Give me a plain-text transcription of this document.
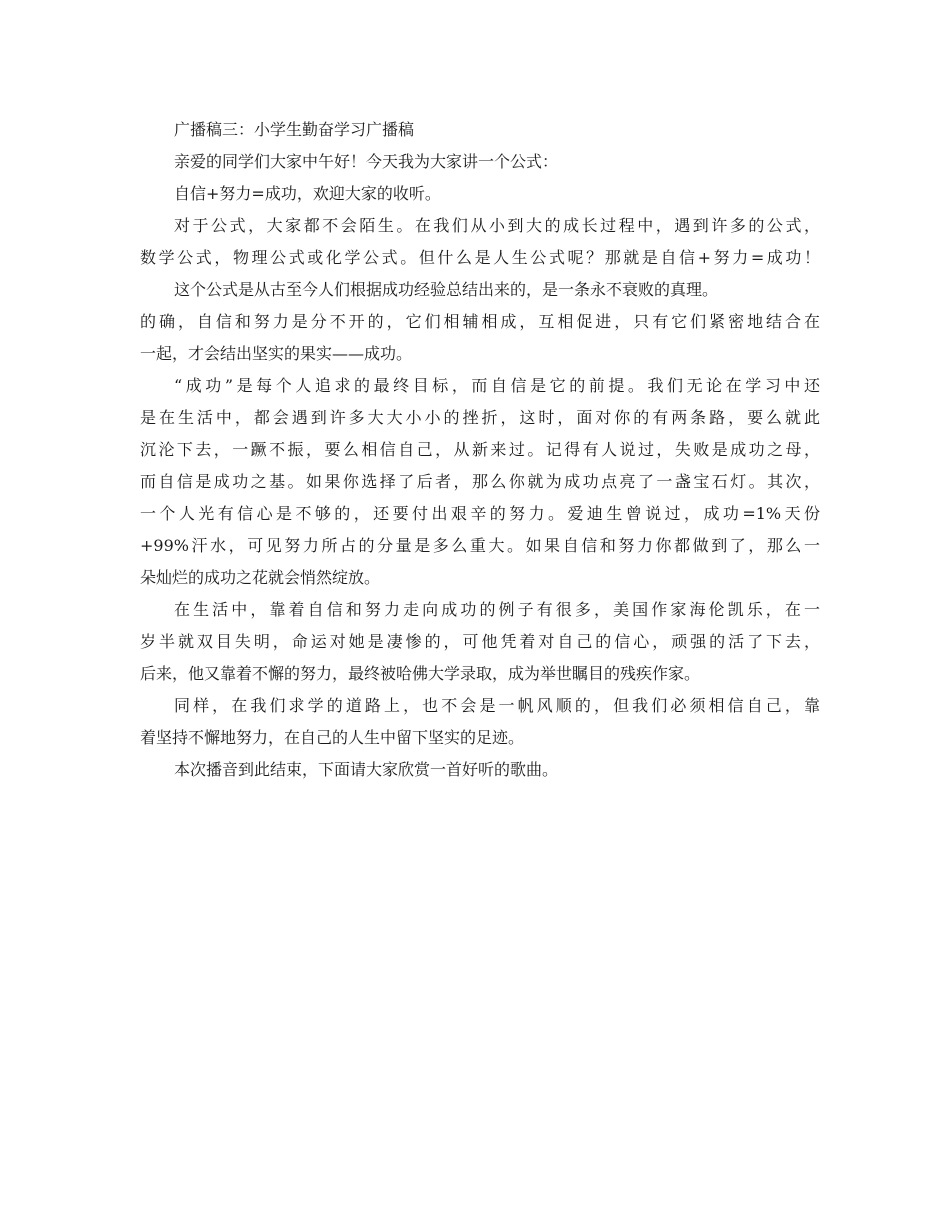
广播稿三：小学生勤奋学习广播稿
亲爱的同学们大家中午好！今天我为大家讲一个公式：
自信+努力=成功，欢迎大家的收听。
对于公式，大家都不会陌生。在我们从小到大的成长过程中，遇到许多的公式，
数学公式，物理公式或化学公式。但什么是人生公式呢？那就是自信+努力=成功！
这个公式是从古至今人们根据成功经验总结出来的，是一条永不衰败的真理。
的确，自信和努力是分不开的，它们相辅相成，互相促进，只有它们紧密地结合在
一起，才会结出坚实的果实——成功。
“成功”是每个人追求的最终目标，而自信是它的前提。我们无论在学习中还
是在生活中，都会遇到许多大大小小的挫折，这时，面对你的有两条路，要么就此
沉沦下去，一蹶不振，要么相信自己，从新来过。记得有人说过，失败是成功之母，
而自信是成功之基。如果你选择了后者，那么你就为成功点亮了一盏宝石灯。其次，
一个人光有信心是不够的，还要付出艰辛的努力。爱迪生曾说过，成功=1%天份
+99%汗水，可见努力所占的分量是多么重大。如果自信和努力你都做到了，那么一
朵灿烂的成功之花就会悄然绽放。
在生活中，靠着自信和努力走向成功的例子有很多，美国作家海伦凯乐，在一
岁半就双目失明，命运对她是凄惨的，可他凭着对自己的信心，顽强的活了下去，
后来，他又靠着不懈的努力，最终被哈佛大学录取，成为举世瞩目的残疾作家。
同样，在我们求学的道路上，也不会是一帆风顺的，但我们必须相信自己，靠
着坚持不懈地努力，在自己的人生中留下坚实的足迹。
本次播音到此结束，下面请大家欣赏一首好听的歌曲。
